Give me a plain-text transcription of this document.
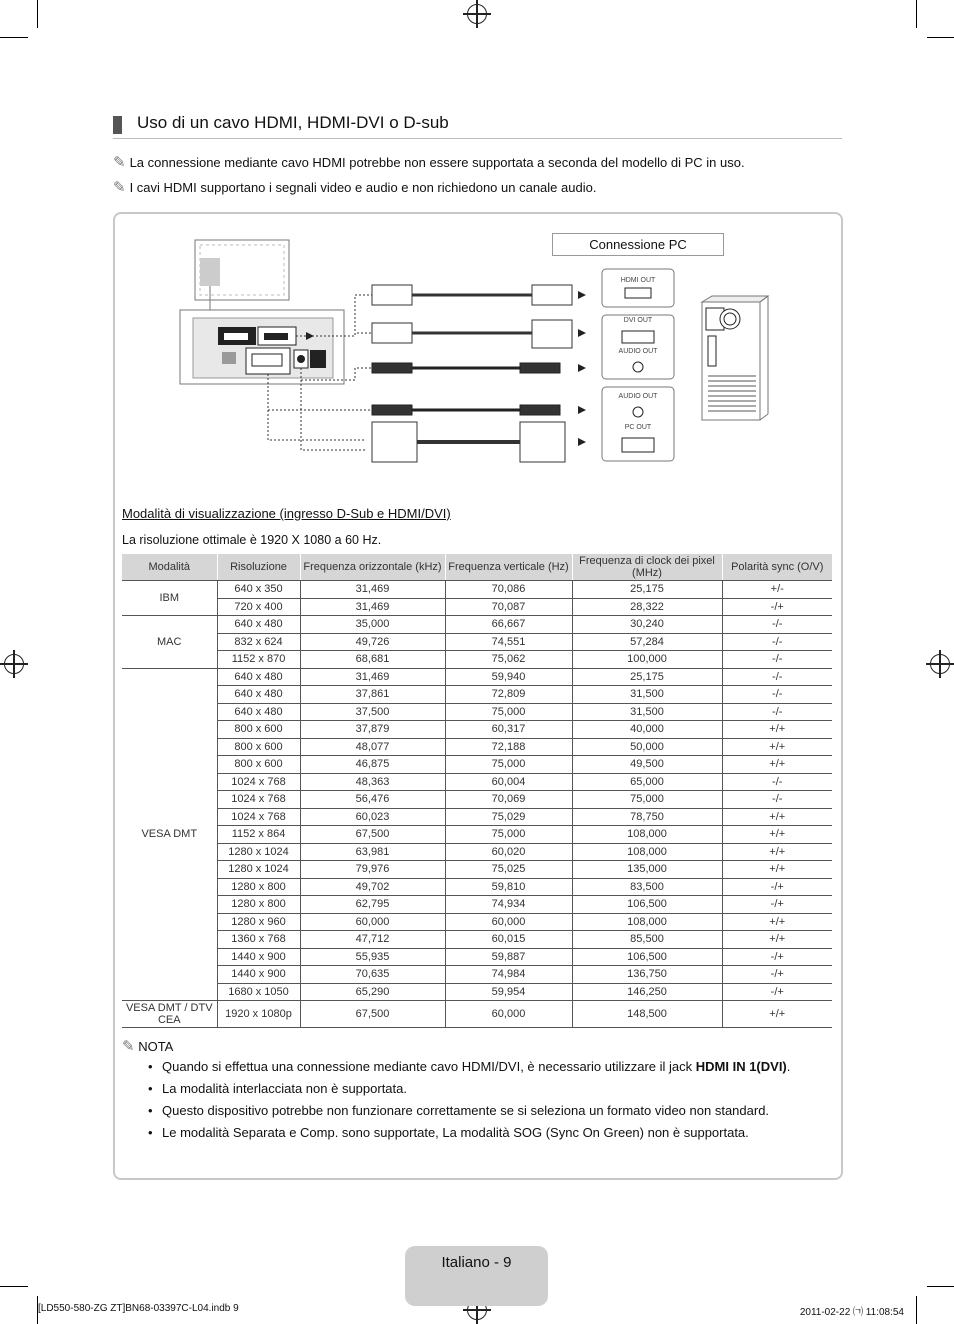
Uso di un cavo HDMI, HDMI-DVI o D-sub
✎ La connessione mediante cavo HDMI potrebbe non essere supportata a seconda del modello di PC in uso.
✎ I cavi HDMI supportano i segnali video e audio e non richiedono un canale audio.
Connessione PC
HDMI OUT
DVI OUT
AUDIO OUT
AUDIO OUT
PC OUT
Modalità di visualizzazione (ingresso D-Sub e HDMI/DVI)
La risoluzione ottimale è 1920 X 1080 a 60 Hz.
Modalità	Risoluzione	Frequenza orizzontale (kHz)	Frequenza verticale (Hz)	Frequenza di clock dei pixel (MHz)	Polarità sync (O/V)
IBM	640 x 350	31,469	70,086	25,175	+/-
	720 x 400	31,469	70,087	28,322	-/+
MAC	640 x 480	35,000	66,667	30,240	-/-
	832 x 624	49,726	74,551	57,284	-/-
	1152 x 870	68,681	75,062	100,000	-/-
VESA DMT	640 x 480	31,469	59,940	25,175	-/-
	640 x 480	37,861	72,809	31,500	-/-
	640 x 480	37,500	75,000	31,500	-/-
	800 x 600	37,879	60,317	40,000	+/+
	800 x 600	48,077	72,188	50,000	+/+
	800 x 600	46,875	75,000	49,500	+/+
	1024 x 768	48,363	60,004	65,000	-/-
	1024 x 768	56,476	70,069	75,000	-/-
	1024 x 768	60,023	75,029	78,750	+/+
	1152 x 864	67,500	75,000	108,000	+/+
	1280 x 1024	63,981	60,020	108,000	+/+
	1280 x 1024	79,976	75,025	135,000	+/+
	1280 x 800	49,702	59,810	83,500	-/+
	1280 x 800	62,795	74,934	106,500	-/+
	1280 x 960	60,000	60,000	108,000	+/+
	1360 x 768	47,712	60,015	85,500	+/+
	1440 x 900	55,935	59,887	106,500	-/+
	1440 x 900	70,635	74,984	136,750	-/+
	1680 x 1050	65,290	59,954	146,250	-/+
VESA DMT / DTV CEA	1920 x 1080p	67,500	60,000	148,500	+/+
✎ NOTA
• Quando si effettua una connessione mediante cavo HDMI/DVI, è necessario utilizzare il jack HDMI IN 1(DVI).
• La modalità interlacciata non è supportata.
• Questo dispositivo potrebbe non funzionare correttamente se si seleziona un formato video non standard.
• Le modalità Separata e Comp. sono supportate, La modalità SOG (Sync On Green) non è supportata.
Italiano - 9
[LD550-580-ZG ZT]BN68-03397C-L04.indb 9	2011-02-22 ㈀ 11:08:54
